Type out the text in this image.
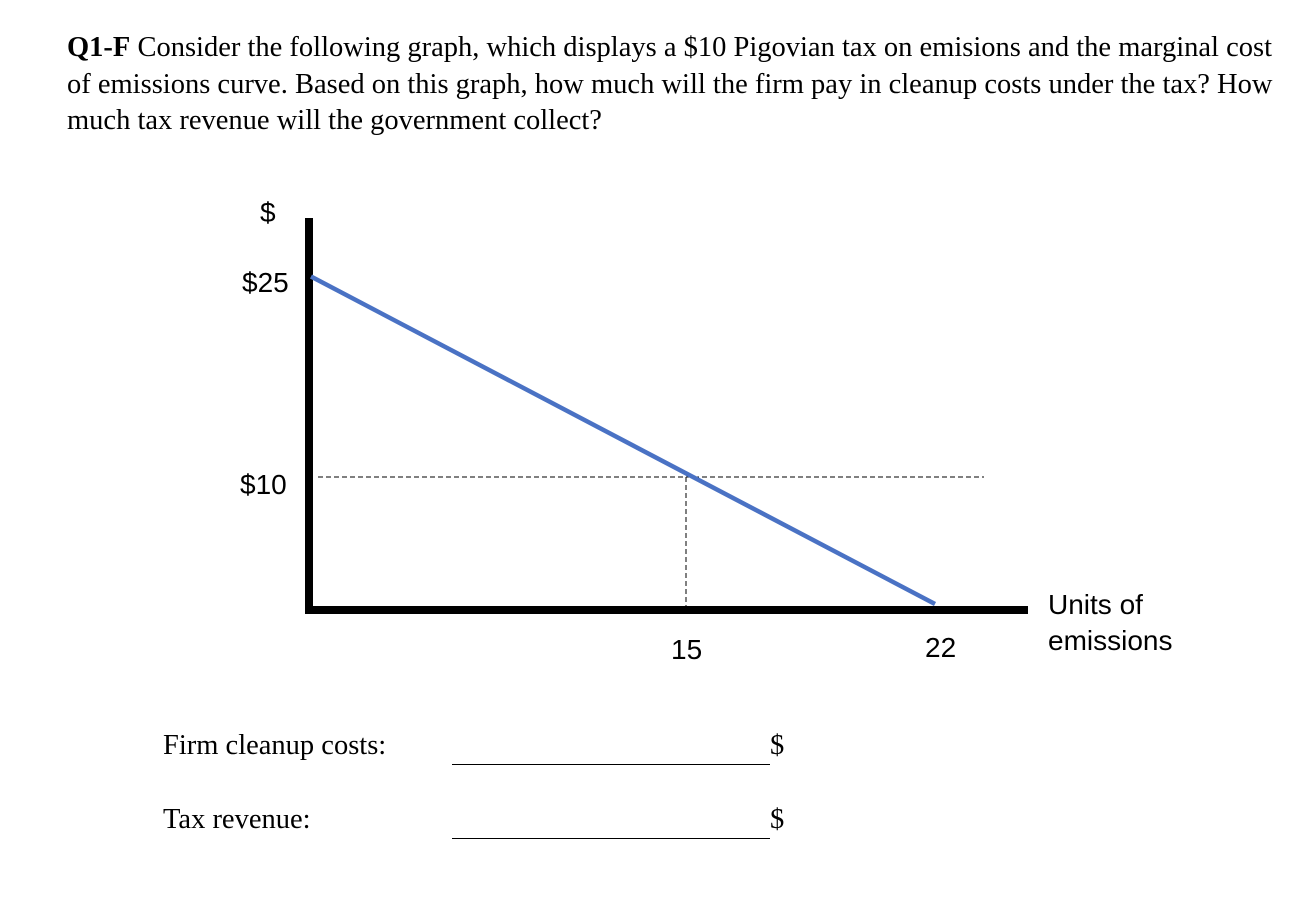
Q1-F Consider the following graph, which displays a $10 Pigovian tax on emisions and the marginal cost of emissions curve. Based on this graph, how much will the firm pay in cleanup costs under the tax? How much tax revenue will the government collect?

$
$25
$10
15	22
Units of
emissions
Firm cleanup costs:	$
Tax revenue:	$
